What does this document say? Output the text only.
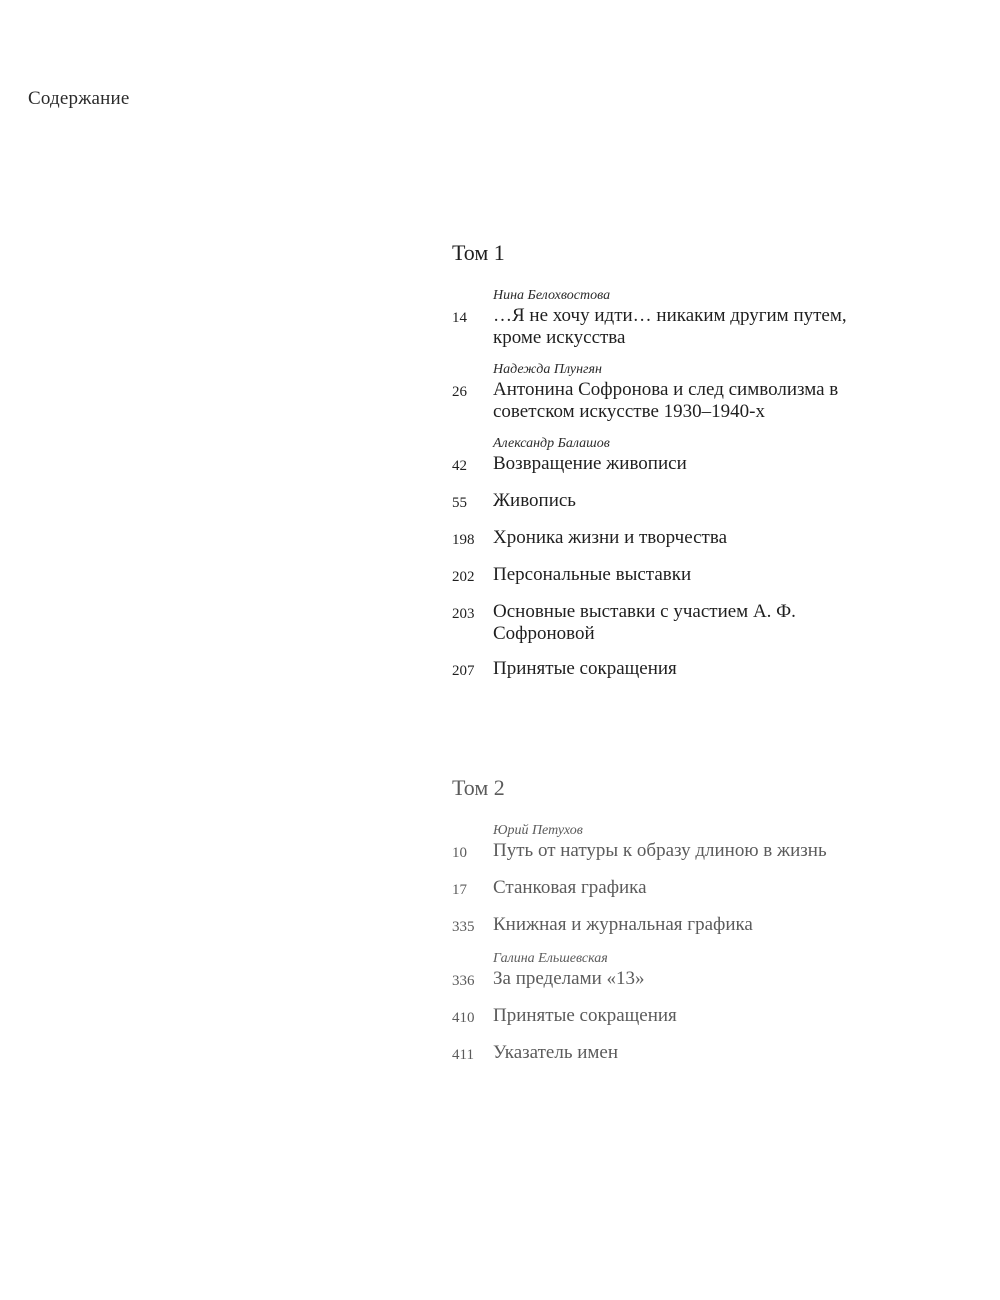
Содержание
Том 1
Нина Белохвостова
14	…Я не хочу идти… никаким другим путем, кроме искусства
Надежда Плунгян
26	Антонина Софронова и след символизма в советском искусстве 1930–1940-х
Александр Балашов
42	Возвращение живописи
55	Живопись
198 Хроника жизни и творчества
202 Персональные выставки
203 Основные выставки с участием А. Ф. Софроновой
207 Принятые сокращения
Том 2
Юрий Петухов
10	Путь от натуры к образу длиною в жизнь
17	Станковая графика
335 Книжная и журнальная графика
Галина Ельшевская
336 За пределами «13»
410 Принятые сокращения
411	Указатель имен
